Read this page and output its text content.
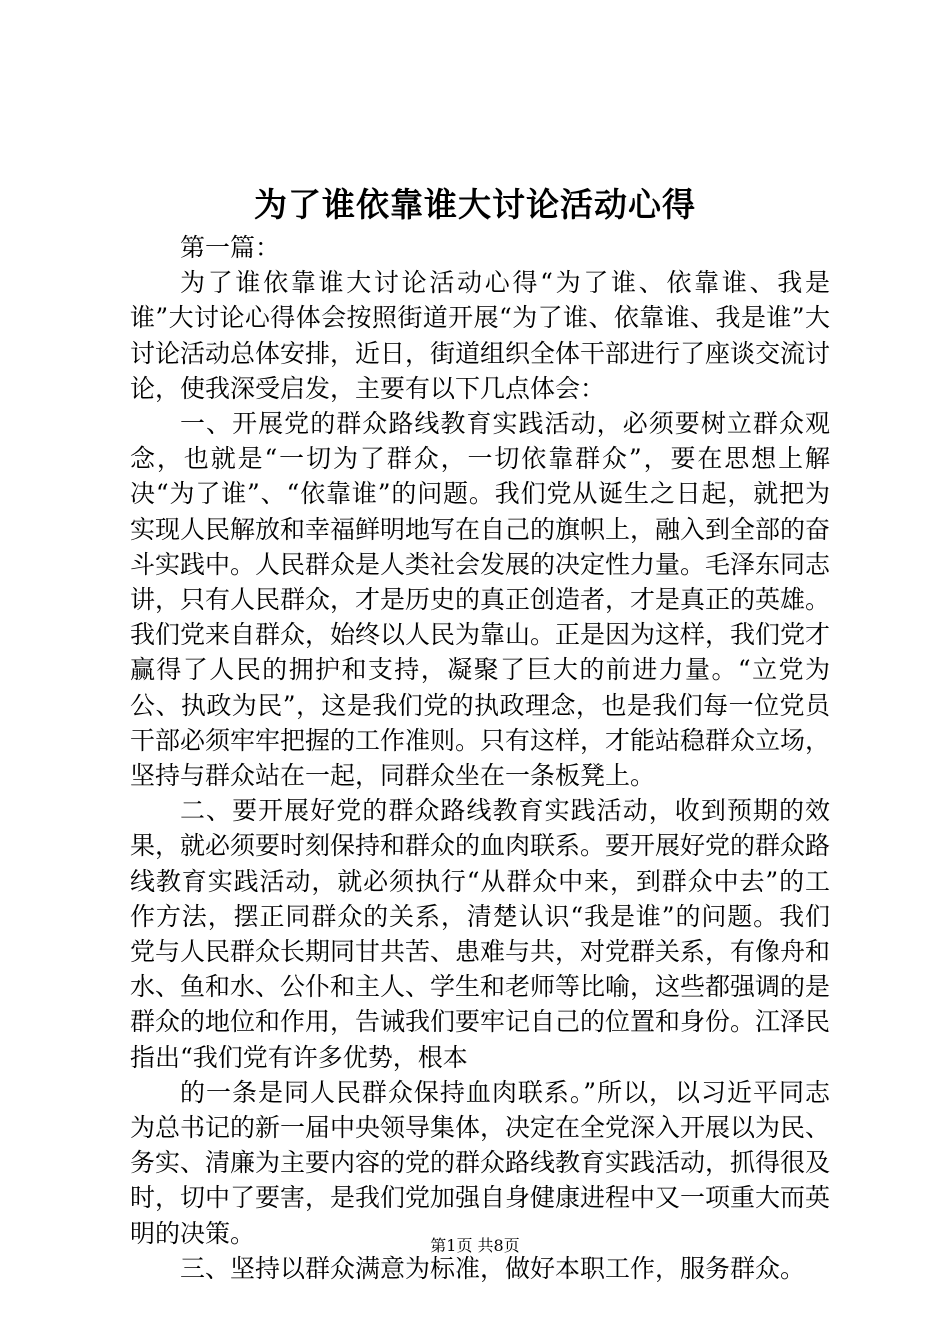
为了谁依靠谁大讨论活动心得

第一篇：

为了谁依靠谁大讨论活动心得“为了谁、依靠谁、我是谁”大讨论心得体会按照街道开展“为了谁、依靠谁、我是谁”大讨论活动总体安排，近日，街道组织全体干部进行了座谈交流讨论，使我深受启发，主要有以下几点体会：

一、开展党的群众路线教育实践活动，必须要树立群众观念，也就是“一切为了群众，一切依靠群众”，要在思想上解决“为了谁”、“依靠谁”的问题。我们党从诞生之日起，就把为实现人民解放和幸福鲜明地写在自己的旗帜上，融入到全部的奋斗实践中。人民群众是人类社会发展的决定性力量。毛泽东同志讲，只有人民群众，才是历史的真正创造者，才是真正的英雄。我们党来自群众，始终以人民为靠山。正是因为这样，我们党才赢得了人民的拥护和支持，凝聚了巨大的前进力量。“立党为公、执政为民”，这是我们党的执政理念，也是我们每一位党员干部必须牢牢把握的工作准则。只有这样，才能站稳群众立场，坚持与群众站在一起，同群众坐在一条板凳上。

二、要开展好党的群众路线教育实践活动，收到预期的效果，就必须要时刻保持和群众的血肉联系。要开展好党的群众路线教育实践活动，就必须执行“从群众中来，到群众中去”的工作方法，摆正同群众的关系，清楚认识“我是谁”的问题。我们党与人民群众长期同甘共苦、患难与共，对党群关系，有像舟和水、鱼和水、公仆和主人、学生和老师等比喻，这些都强调的是群众的地位和作用，告诫我们要牢记自己的位置和身份。江泽民指出“我们党有许多优势，根本

的一条是同人民群众保持血肉联系。”所以，以习近平同志为总书记的新一届中央领导集体，决定在全党深入开展以为民、务实、清廉为主要内容的党的群众路线教育实践活动，抓得很及时，切中了要害，是我们党加强自身健康进程中又一项重大而英明的决策。

三、坚持以群众满意为标准，做好本职工作，服务群众。

第1页 共8页
